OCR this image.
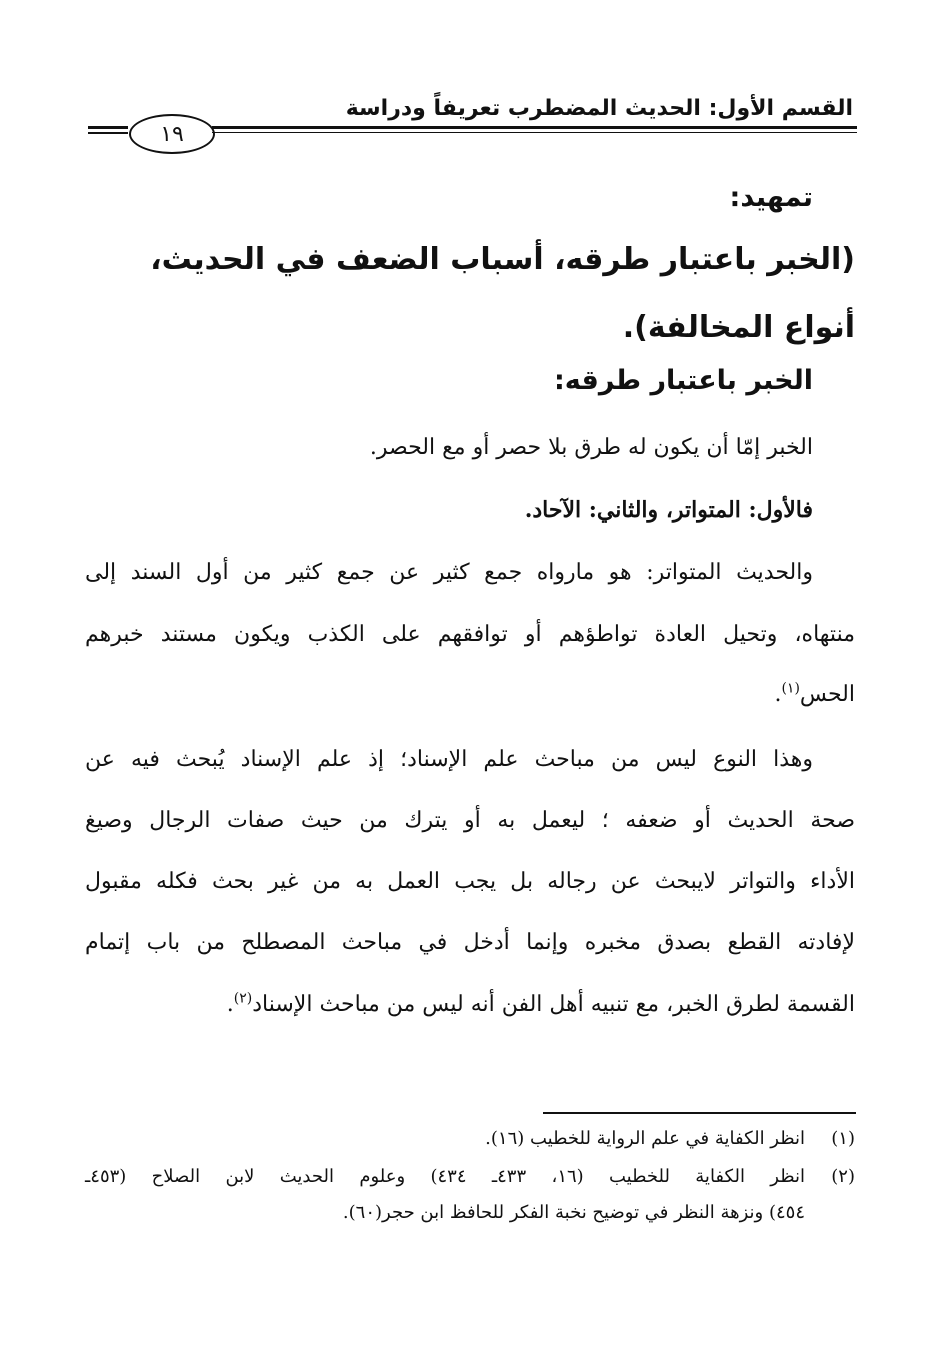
القسم الأول: الحديث المضطرب تعريفاً ودراسة
١٩
تمهيد:
(الخبر باعتبار طرقه، أسباب الضعف في الحديث،
أنواع المخالفة).
الخبر باعتبار طرقه:
الخبر إمّا أن يكون له طرق بلا حصر أو مع الحصر.
فالأول: المتواتر، والثاني: الآحاد.
والحديث المتواتر: هو مارواه جمع كثير عن جمع كثير من أول السند إلى
منتهاه، وتحيل العادة تواطؤهم أو توافقهم على الكذب ويكون مستند خبرهم
الحس$^{(١)}$.
وهذا النوع ليس من مباحث علم الإسناد؛ إذ علم الإسناد يُبحث فيه عن
صحة الحديث أو ضعفه ؛ ليعمل به أو يترك من حيث صفات الرجال وصيغ
الأداء والتواتر لايبحث عن رجاله بل يجب العمل به من غير بحث فكله مقبول
لإفادته القطع بصدق مخبره وإنما أدخل في مباحث المصطلح من باب إتمام
القسمة لطرق الخبر، مع تنبيه أهل الفن أنه ليس من مباحث الإسناد$^{(٢)}$.
(١)
انظر الكفاية في علم الرواية للخطيب (١٦).
(٢)
انظر الكفاية للخطيب (١٦، ٤٣٣ـ ٤٣٤) وعلوم الحديث لابن الصلاح (٤٥٣ـ
٤٥٤) ونزهة النظر في توضيح نخبة الفكر للحافظ ابن حجر(٦٠).
